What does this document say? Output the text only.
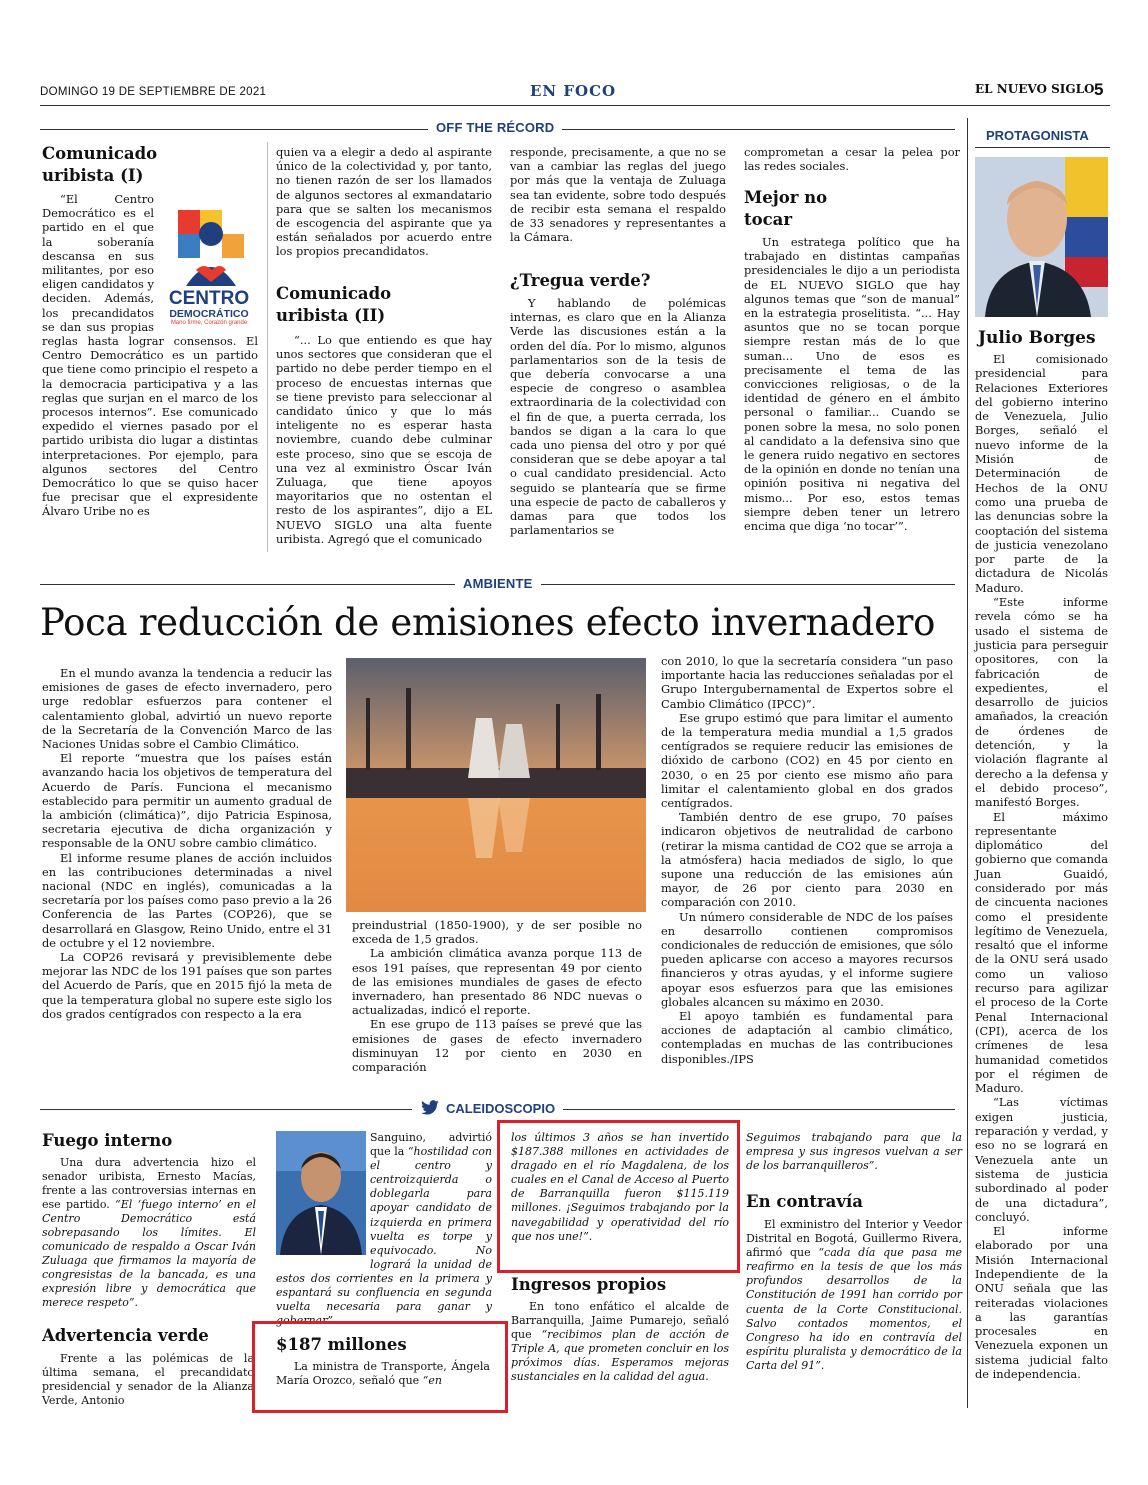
DOMINGO 19 DE SEPTIEMBRE DE 2021	EN FOCO	EL NUEVO SIGLO 5
OFF THE RÉCORD
Comunicado uribista (I)
CENTRO
DEMOCRÁTICO
Mano firme, Corazón grande

“El Centro Democrático es el partido en el que la soberanía descansa en sus militantes, por eso eligen candidatos y deciden. Además, los precandidatos se dan sus propias reglas hasta lograr consensos. El Centro Democrático es un partido que tiene como principio el respeto a la democracia participativa y a las reglas que surjan en el marco de los procesos internos”. Ese comunicado expedido el viernes pasado por el partido uribista dio lugar a distintas interpretaciones. Por ejemplo, para algunos sectores del Centro Democrático lo que se quiso hacer fue precisar que el expresidente Álvaro Uribe no es

quien va a elegir a dedo al aspirante único de la colectividad y, por tanto, no tienen razón de ser los llamados de algunos sectores al exmandatario para que se salten los mecanismos de escogencia del aspirante que ya están señalados por acuerdo entre los propios precandidatos.
Comunicado uribista (II)

“... Lo que entiendo es que hay unos sectores que consideran que el partido no debe perder tiempo en el proceso de encuestas internas que se tiene previsto para seleccionar al candidato único y que lo más inteligente no es esperar hasta noviembre, cuando debe culminar este proceso, sino que se escoja de una vez al exministro Óscar Iván Zuluaga, que tiene apoyos mayoritarios que no ostentan el resto de los aspirantes”, dijo a EL NUEVO SIGLO una alta fuente uribista. Agregó que el comunicado

responde, precisamente, a que no se van a cambiar las reglas del juego por más que la ventaja de Zuluaga sea tan evidente, sobre todo después de recibir esta semana el respaldo de 33 senadores y representantes a la Cámara.
¿Tregua verde?

Y hablando de polémicas internas, es claro que en la Alianza Verde las discusiones están a la orden del día. Por lo mismo, algunos parlamentarios son de la tesis de que debería convocarse a una especie de congreso o asamblea extraordinaria de la colectividad con el fin de que, a puerta cerrada, los bandos se digan a la cara lo que cada uno piensa del otro y por qué consideran que se debe apoyar a tal o cual candidato presidencial. Acto seguido se plantearía que se firme una especie de pacto de caballeros y damas para que todos los parlamentarios se

comprometan a cesar la pelea por las redes sociales.
Mejor no tocar

Un estratega político que ha trabajado en distintas campañas presidenciales le dijo a un periodista de EL NUEVO SIGLO que hay algunos temas que “son de manual” en la estrategia proselitista. “... Hay asuntos que no se tocan porque siempre restan más de lo que suman... Uno de esos es precisamente el tema de las convicciones religiosas, o de la identidad de género en el ámbito personal o familiar... Cuando se ponen sobre la mesa, no solo ponen al candidato a la defensiva sino que le genera ruido negativo en sectores de la opinión en donde no tenían una opinión positiva ni negativa del mismo... Por eso, estos temas siempre deben tener un letrero encima que diga ‘no tocar’”.

PROTAGONISTA
Julio Borges

El comisionado presidencial para Relaciones Exteriores del gobierno interino de Venezuela, Julio Borges, señaló el nuevo informe de la Misión de Determinación de Hechos de la ONU como una prueba de las denuncias sobre la cooptación del sistema de justicia venezolano por parte de la dictadura de Nicolás Maduro.

“Este informe revela cómo se ha usado el sistema de justicia para perseguir opositores, con la fabricación de expedientes, el desarrollo de juicios amañados, la creación de órdenes de detención, y la violación flagrante al derecho a la defensa y el debido proceso”, manifestó Borges.

El máximo representante diplomático del gobierno que comanda Juan Guaidó, considerado por más de cincuenta naciones como el presidente legítimo de Venezuela, resaltó que el informe de la ONU será usado como un valioso recurso para agilizar el proceso de la Corte Penal Internacional (CPI), acerca de los crímenes de lesa humanidad cometidos por el régimen de Maduro.

“Las víctimas exigen justicia, reparación y verdad, y eso no se logrará en Venezuela ante un sistema de justicia subordinado al poder de una dictadura”, concluyó.

El informe elaborado por una Misión Internacional Independiente de la ONU señala que las reiteradas violaciones a las garantías procesales en Venezuela exponen un sistema judicial falto de independencia.

AMBIENTE
Poca reducción de emisiones efecto invernadero

En el mundo avanza la tendencia a reducir las emisiones de gases de efecto invernadero, pero urge redoblar esfuerzos para contener el calentamiento global, advirtió un nuevo reporte de la Secretaría de la Convención Marco de las Naciones Unidas sobre el Cambio Climático.

El reporte “muestra que los países están avanzando hacia los objetivos de temperatura del Acuerdo de París. Funciona el mecanismo establecido para permitir un aumento gradual de la ambición (climática)”, dijo Patricia Espinosa, secretaria ejecutiva de dicha organización y responsable de la ONU sobre cambio climático.

El informe resume planes de acción incluidos en las contribuciones determinadas a nivel nacional (NDC en inglés), comunicadas a la secretaría por los países como paso previo a la 26 Conferencia de las Partes (COP26), que se desarrollará en Glasgow, Reino Unido, entre el 31 de octubre y el 12 noviembre.

La COP26 revisará y previsiblemente debe mejorar las NDC de los 191 países que son partes del Acuerdo de París, que en 2015 fijó la meta de que la temperatura global no supere este siglo los dos grados centígrados con respecto a la era

preindustrial (1850-1900), y de ser posible no exceda de 1,5 grados.

La ambición climática avanza porque 113 de esos 191 países, que representan 49 por ciento de las emisiones mundiales de gases de efecto invernadero, han presentado 86 NDC nuevas o actualizadas, indicó el reporte.

En ese grupo de 113 países se prevé que las emisiones de gases de efecto invernadero disminuyan 12 por ciento en 2030 en comparación

con 2010, lo que la secretaría considera “un paso importante hacia las reducciones señaladas por el Grupo Intergubernamental de Expertos sobre el Cambio Climático (IPCC)”.

Ese grupo estimó que para limitar el aumento de la temperatura media mundial a 1,5 grados centígrados se requiere reducir las emisiones de dióxido de carbono (CO2) en 45 por ciento en 2030, o en 25 por ciento ese mismo año para limitar el calentamiento global en dos grados centígrados.

También dentro de ese grupo, 70 países indicaron objetivos de neutralidad de carbono (retirar la misma cantidad de CO2 que se arroja a la atmósfera) hacia mediados de siglo, lo que supone una reducción de las emisiones aún mayor, de 26 por ciento para 2030 en comparación con 2010.

Un número considerable de NDC de los países en desarrollo contienen compromisos condicionales de reducción de emisiones, que sólo pueden aplicarse con acceso a mayores recursos financieros y otras ayudas, y el informe sugiere apoyar esos esfuerzos para que las emisiones globales alcancen su máximo en 2030.

El apoyo también es fundamental para acciones de adaptación al cambio climático, contempladas en muchas de las contribuciones disponibles./IPS

CALEIDOSCOPIO
Fuego interno

Una dura advertencia hizo el senador uribista, Ernesto Macías, frente a las controversias internas en ese partido. “El ‘fuego interno’ en el Centro Democrático está sobrepasando los límites. El comunicado de respaldo a Oscar Iván Zuluaga que firmamos la mayoría de congresistas de la bancada, es una expresión libre y democrática que merece respeto”.

Advertencia verde

Frente a las polémicas de la última semana, el precandidato presidencial y senador de la Alianza Verde, Antonio

Sanguino, advirtió que la “hostilidad con el centro y centroizquierda o doblegarla para apoyar candidato de izquierda en primera vuelta es torpe y equivocado. No logrará la unidad de estos dos corrientes en la primera y espantará su confluencia en segunda vuelta necesaria para ganar y gobernar”.

$187 millones

La ministra de Transporte, Ángela María Orozco, señaló que “en

los últimos 3 años se han invertido $187.388 millones en actividades de dragado en el río Magdalena, de los cuales en el Canal de Acceso al Puerto de Barranquilla fueron $115.119 millones. ¡Seguimos trabajando por la navegabilidad y operatividad del río que nos une!”.
Ingresos propios

En tono enfático el alcalde de Barranquilla, Jaime Pumarejo, señaló que “recibimos plan de acción de Triple A, que prometen concluir en los próximos días. Esperamos mejoras sustanciales en la calidad del agua.

Seguimos trabajando para que la empresa y sus ingresos vuelvan a ser de los barranquilleros”.
En contravía

El exministro del Interior y Veedor Distrital en Bogotá, Guillermo Rivera, afirmó que “cada día que pasa me reafirmo en la tesis de que los más profundos desarrollos de la Constitución de 1991 han corrido por cuenta de la Corte Constitucional. Salvo contados momentos, el Congreso ha ido en contravía del espíritu pluralista y democrático de la Carta del 91”.
